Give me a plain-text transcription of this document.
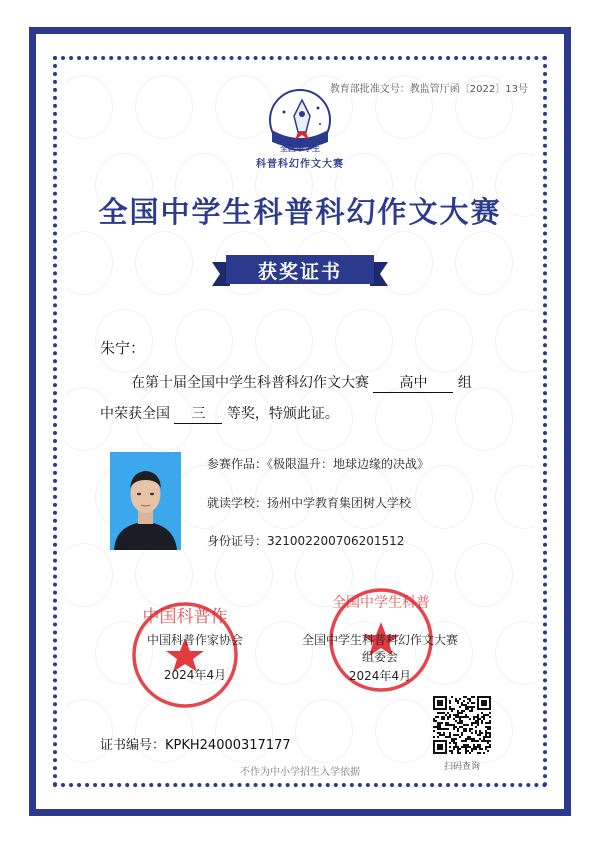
教育部批准文号：教监管厅函〔2022〕13号
全国中学生
科普科幻作文大赛
全国中学生科普科幻作文大赛
获奖证书
朱宁：
在第十届全国中学生科普科幻作文大赛 高中 组
中荣获全国 三 等奖，特颁此证。
参赛作品：《极限温升：地球边缘的决战》
就读学校：扬州中学教育集团树人学校
身份证号：321002200706201512
中国科普作
全国中学生科普
中国科普作家协会
2024年4月
全国中学生科普科幻作文大赛
组委会
2024年4月
扫码查询
证书编号：KPKH24000317177
不作为中小学招生入学依据
